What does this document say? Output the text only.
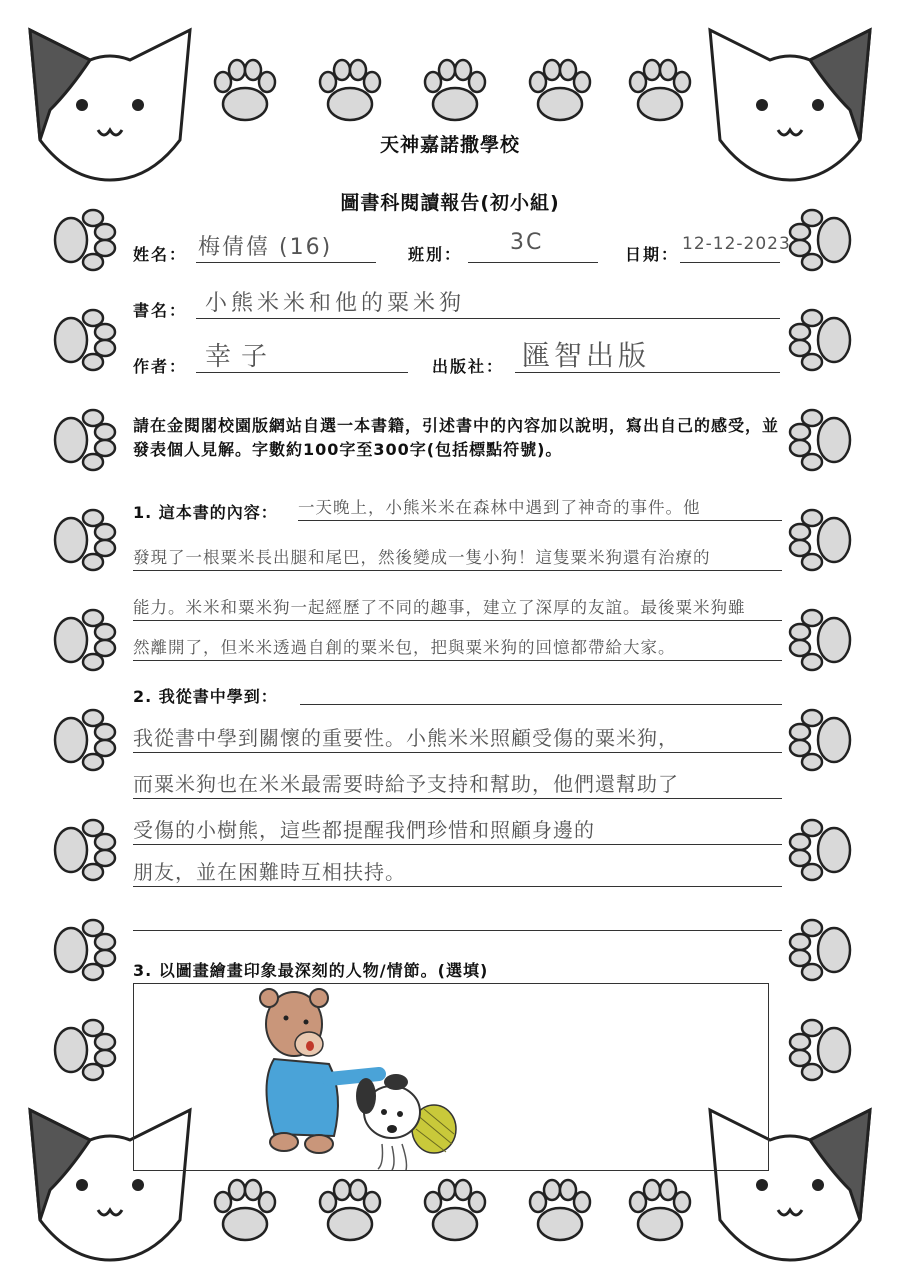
天神嘉諾撒學校
圖書科閱讀報告(初小組)
姓名： 梅倩僖 (16)	班別： 3C	日期：
12-12-2023
書名： 小熊米米和他的粟米狗
作者： 幸子	出版社： 匯智出版
請在金閱閣校園版網站自選一本書籍，引述書中的內容加以說明，寫出自己的感受，並發表個人見解。字數約100字至300字(包括標點符號)。
1. 這本書的內容： 一天晚上，小熊米米在森林中遇到了神奇的事件。他
發現了一根粟米長出腿和尾巴，然後變成一隻小狗！這隻粟米狗還有治療的
能力。米米和粟米狗一起經歷了不同的趣事，建立了深厚的友誼。最後粟米狗雖
然離開了，但米米透過自創的粟米包，把與粟米狗的回憶都帶給大家。
2. 我從書中學到：
我從書中學到關懷的重要性。小熊米米照顧受傷的粟米狗，
而粟米狗也在米米最需要時給予支持和幫助，他們還幫助了
受傷的小樹熊，這些都提醒我們珍惜和照顧身邊的
朋友，並在困難時互相扶持。
3. 以圖畫繪畫印象最深刻的人物/情節。(選填)
